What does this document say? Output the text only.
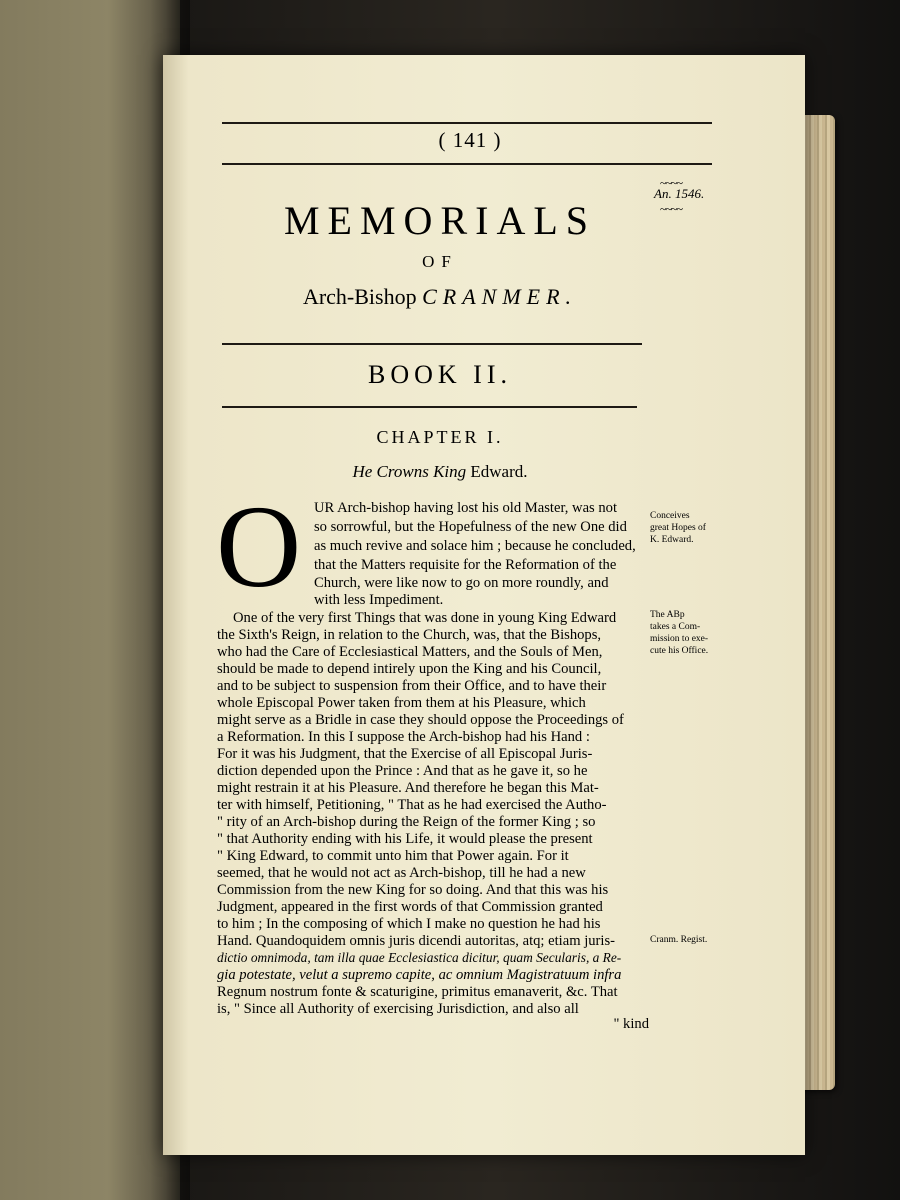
( 141 )
~~~~
An. 1546.
~~~~
MEMORIALS
OF
Arch-Bishop CRANMER.
BOOK II.
CHAPTER I.
He Crowns King Edward.
O UR Arch-bishop having lost his old Master, was not
so sorrowful, but the Hopefulness of the new One did
as much revive and solace him ; because he concluded,
that the Matters requisite for the Reformation of the
Church, were like now to go on more roundly, and
with less Impediment.
One of the very first Things that was done in young King Edward
the Sixth's Reign, in relation to the Church, was, that the Bishops,
who had the Care of Ecclesiastical Matters, and the Souls of Men,
should be made to depend intirely upon the King and his Council,
and to be subject to suspension from their Office, and to have their
whole Episcopal Power taken from them at his Pleasure, which
might serve as a Bridle in case they should oppose the Proceedings of
a Reformation. In this I suppose the Arch-bishop had his Hand :
For it was his Judgment, that the Exercise of all Episcopal Juris-
diction depended upon the Prince : And that as he gave it, so he
might restrain it at his Pleasure. And therefore he began this Mat-
ter with himself, Petitioning, " That as he had exercised the Autho-
" rity of an Arch-bishop during the Reign of the former King ; so
" that Authority ending with his Life, it would please the present
" King Edward, to commit unto him that Power again. For it
seemed, that he would not act as Arch-bishop, till he had a new
Commission from the new King for so doing. And that this was his
Judgment, appeared in the first words of that Commission granted
to him ; In the composing of which I make no question he had his
Hand. Quandoquidem omnis juris dicendi autoritas, atq; etiam juris-
dictio omnimoda, tam illa quae Ecclesiastica dicitur, quam Secularis, a Re-
gia potestate, velut a supremo capite, ac omnium Magistratuum infra
Regnum nostrum fonte & scaturigine, primitus emanaverit, &c. That
is, " Since all Authority of exercising Jurisdiction, and also all
" kind
Conceives
great Hopes of
K. Edward.
The ABp
takes a Com-
mission to exe-
cute his Office.
Cranm. Regist.
